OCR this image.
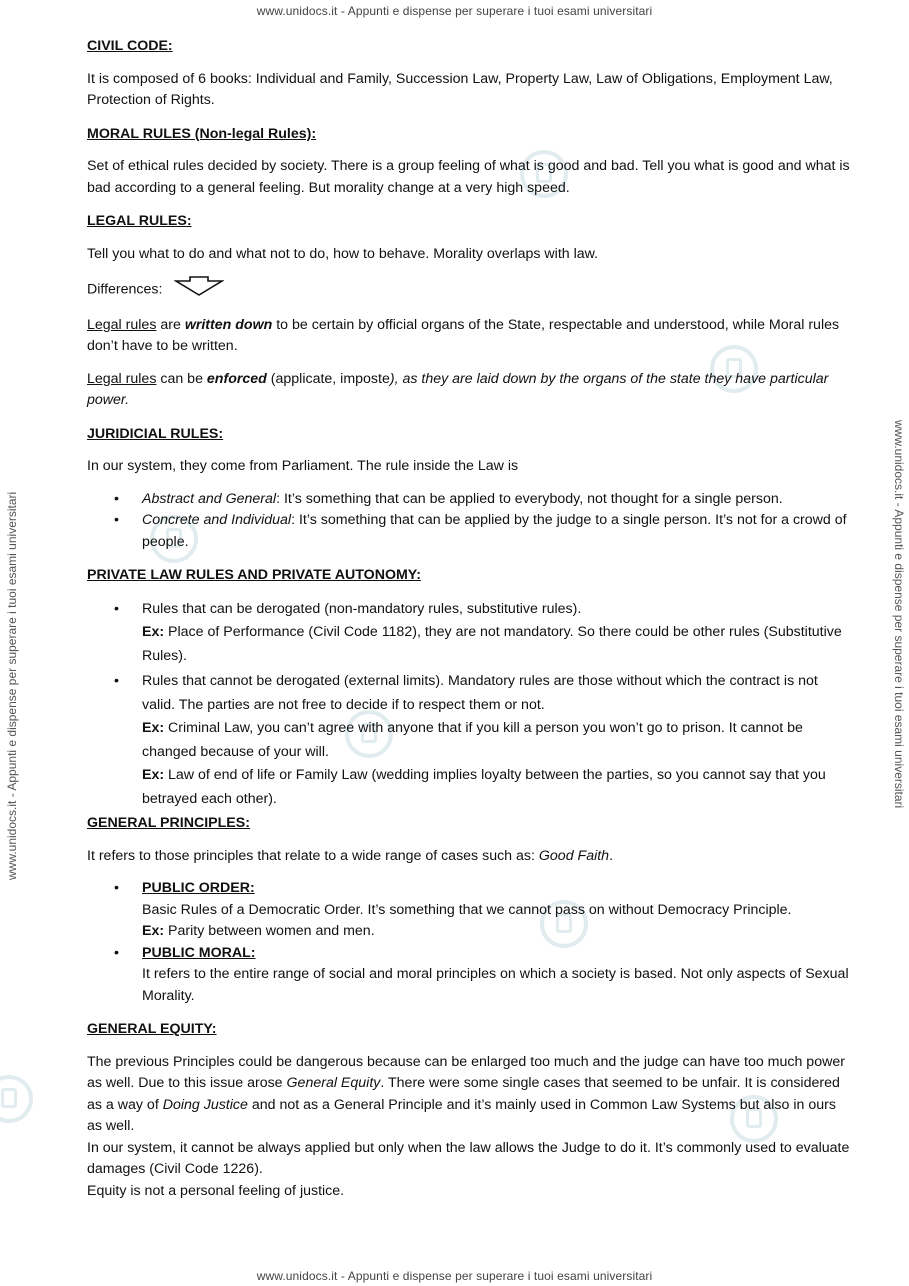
www.unidocs.it - Appunti e dispense per superare i tuoi esami universitari
www.unidocs.it - Appunti e dispense per superare i tuoi esami universitari	www.unidocs.it - Appunti e dispense per superare i tuoi esami universitari

CIVIL CODE:

It is composed of 6 books: Individual and Family, Succession Law, Property Law, Law of Obligations, Employment Law, Protection of Rights.

MORAL RULES (Non-legal Rules):

Set of ethical rules decided by society. There is a group feeling of what is good and bad. Tell you what is good and what is bad according to a general feeling. But morality change at a very high speed.

LEGAL RULES:

Tell you what to do and what not to do, how to behave. Morality overlaps with law.

Differences:

Legal rules are written down to be certain by official organs of the State, respectable and understood, while Moral rules don’t have to be written.

Legal rules can be enforced (applicate, imposte), as they are laid down by the organs of the state they have particular power.

JURIDICIAL RULES:

In our system, they come from Parliament. The rule inside the Law is

• Abstract and General: It’s something that can be applied to everybody, not thought for a single person.
• Concrete and Individual: It’s something that can be applied by the judge to a single person. It’s not for a crowd of people.

PRIVATE LAW RULES AND PRIVATE AUTONOMY:

• Rules that can be derogated (non-mandatory rules, substitutive rules).
Ex: Place of Performance (Civil Code 1182), they are not mandatory. So there could be other rules (Substitutive Rules).
• Rules that cannot be derogated (external limits). Mandatory rules are those without which the contract is not valid. The parties are not free to decide if to respect them or not.
Ex: Criminal Law, you can’t agree with anyone that if you kill a person you won’t go to prison. It cannot be changed because of your will.
Ex: Law of end of life or Family Law (wedding implies loyalty between the parties, so you cannot say that you betrayed each other).

GENERAL PRINCIPLES:

It refers to those principles that relate to a wide range of cases such as: Good Faith.

• PUBLIC ORDER:
Basic Rules of a Democratic Order. It’s something that we cannot pass on without Democracy Principle.
Ex: Parity between women and men.
• PUBLIC MORAL:
It refers to the entire range of social and moral principles on which a society is based. Not only aspects of Sexual Morality.

GENERAL EQUITY:

The previous Principles could be dangerous because can be enlarged too much and the judge can have too much power as well. Due to this issue arose General Equity. There were some single cases that seemed to be unfair. It is considered as a way of Doing Justice and not as a General Principle and it’s mainly used in Common Law Systems but also in ours as well.

In our system, it cannot be always applied but only when the law allows the Judge to do it. It’s commonly used to evaluate damages (Civil Code 1226).

Equity is not a personal feeling of justice.

www.unidocs.it - Appunti e dispense per superare i tuoi esami universitari
